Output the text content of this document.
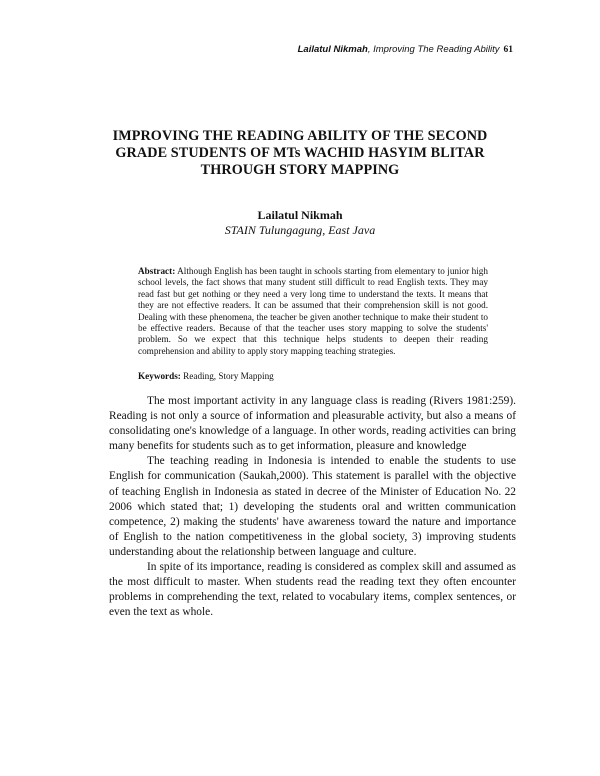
Lailatul Nikmah, Improving The Reading Ability 61
IMPROVING THE READING ABILITY OF THE SECOND
GRADE STUDENTS OF MTs WACHID HASYIM BLITAR
THROUGH STORY MAPPING
Lailatul Nikmah
STAIN Tulungagung, East Java
Abstract: Although English has been taught in schools starting from elementary to junior high school levels, the fact shows that many student still difficult to read English texts. They may read fast but get nothing or they need a very long time to understand the texts. It means that they are not effective readers. It can be assumed that their comprehension skill is not good. Dealing with these phenomena, the teacher be given another technique to make their student to be effective readers. Because of that the teacher uses story mapping to solve the students' problem. So we expect that this technique helps students to deepen their reading comprehension and ability to apply story mapping teaching strategies.
Keywords: Reading, Story Mapping

The most important activity in any language class is reading (Rivers 1981:259). Reading is not only a source of information and pleasurable activity, but also a means of consolidating one's knowledge of a language. In other words, reading activities can bring many benefits for students such as to get information, pleasure and knowledge

The teaching reading in Indonesia is intended to enable the students to use English for communication (Saukah,2000). This statement is parallel with the objective of teaching English in Indonesia as stated in decree of the Minister of Education No. 22 2006 which stated that; 1) developing the students oral and written communication competence, 2) making the students' have awareness toward the nature and importance of English to the nation competitiveness in the global society, 3) improving students understanding about the relationship between language and culture.

In spite of its importance, reading is considered as complex skill and assumed as the most difficult to master. When students read the reading text they often encounter problems in comprehending the text, related to vocabulary items, complex sentences, or even the text as whole.
